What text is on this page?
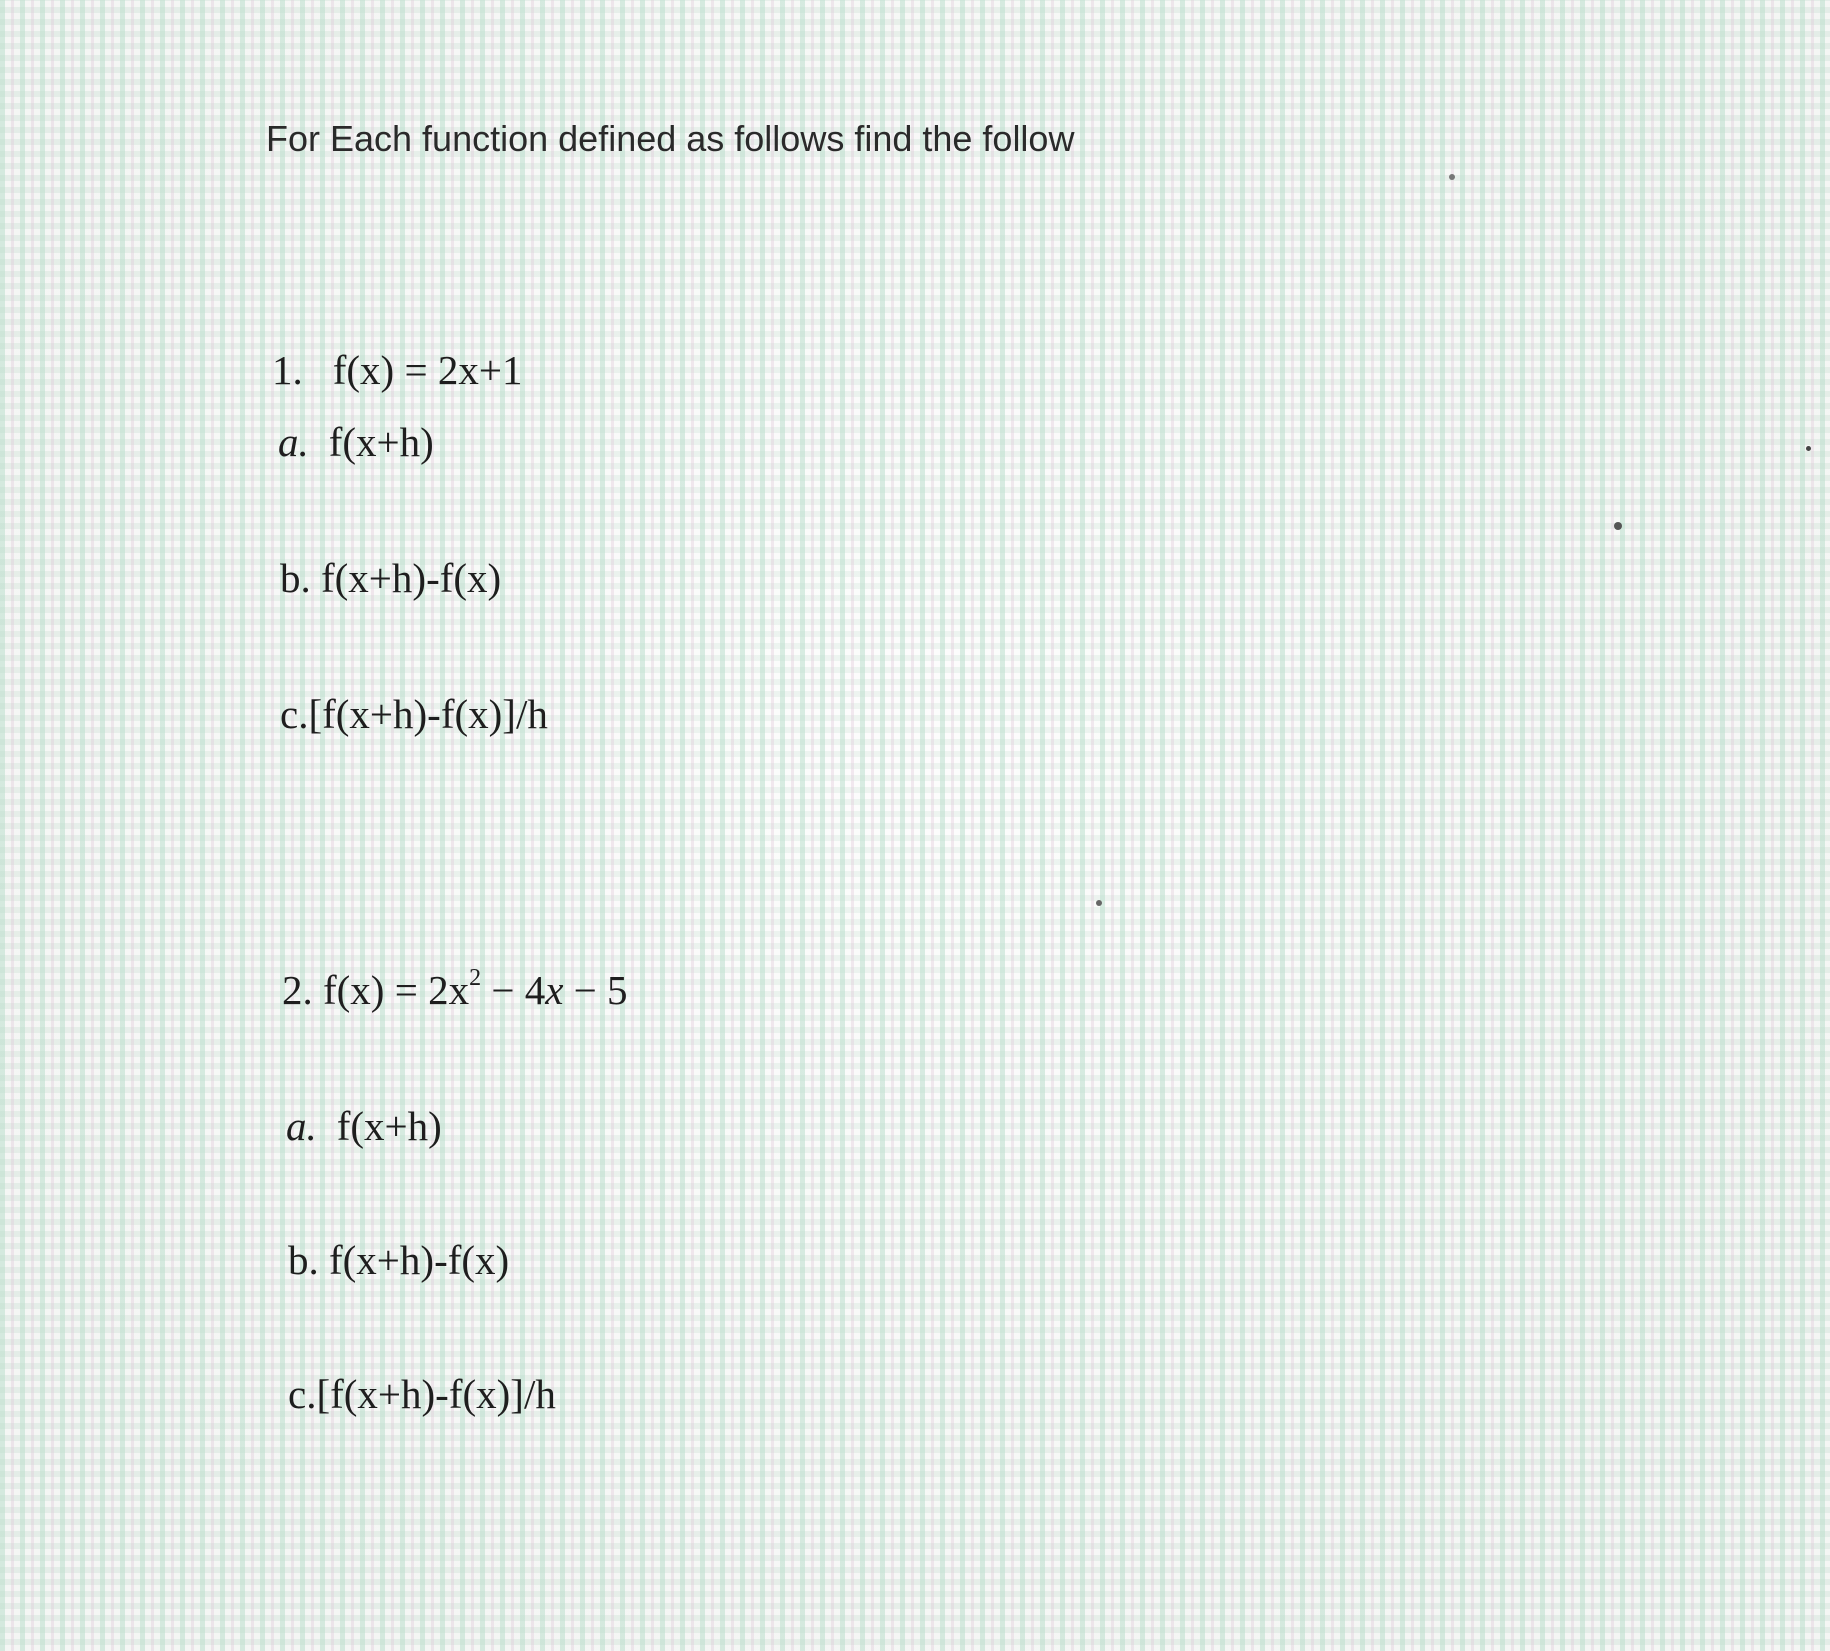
For Each function defined as follows find the follow
1. f(x) = 2x+1
a. f(x+h)
b. f(x+h)-f(x)
c.[f(x+h)-f(x)]/h
2. $f(x) = 2x^2 - 4x - 5$
a. f(x+h)
b. f(x+h)-f(x)
c.[f(x+h)-f(x)]/h
